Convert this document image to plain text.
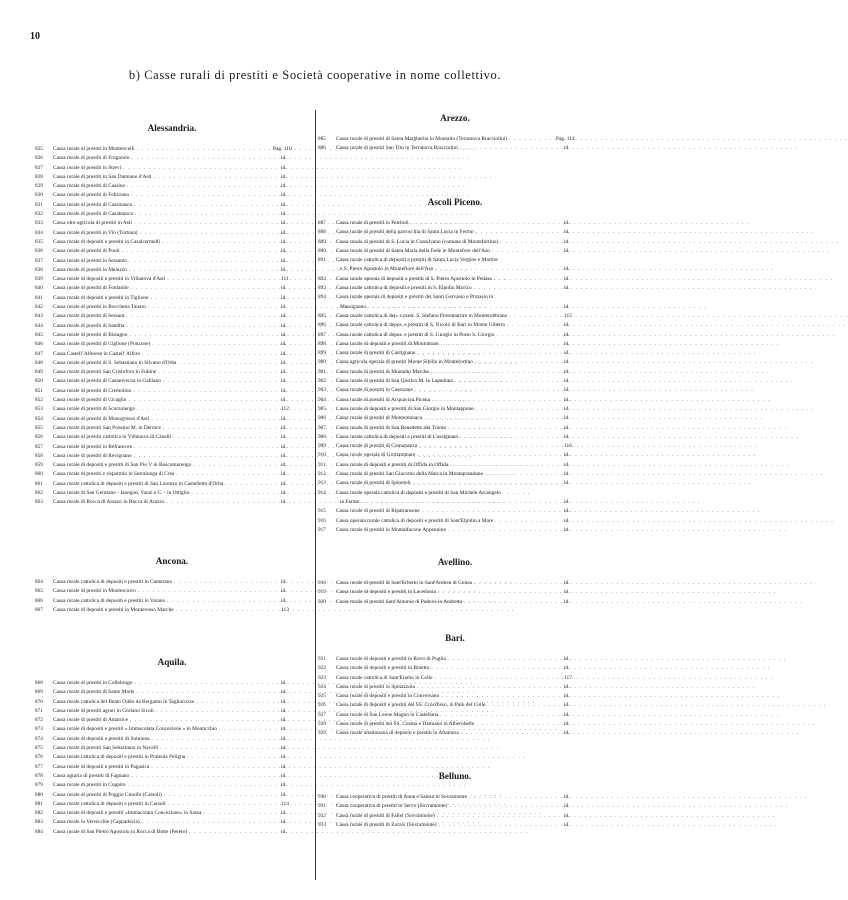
10
b) Casse rurali di prestiti e Società cooperative in nome collettivo.
Alessandria.
825	Cassa rurale di prestiti in Monbercelli . . .	Pag. 110
826	Cassa rurale di prestiti di Frugarolo . . .	id.
827	Cassa rurale di prestiti in Strevi . . .	id.
828	Cassa rurale di prestiti in San Damiano d'Asti . . .	id.
829	Cassa rurale di prestiti di Cassine . . .	id.
830	Cassa rurale di prestiti di Felizzano . . .	id.
831	Cassa rurale di prestiti di Cassinasco . . .	id.
832	Cassa rurale di prestiti di Casabianca . . .	id.
833	Cassa otto-agricola di prestiti in Asti . . .	id.
834	Cassa rurale di prestiti in Viò (Tortona) . . .	id.
835	Cassa rurale di depositi e prestiti in Casalcermelli . . .	id.
836	Cassa rurale di prestiti di Pouti . . .	id.
837	Cassa rurale di prestiti in Sessamo . . .	id.
838	Cassa rurale di prestiti in Melazzo . . .	id.
839	Cassa rurale di depositi e prestiti in Villanova d'Asti . . .	111
840	Cassa rurale di prestiti di Fontanile . . .	id.
841	Cassa rurale di depositi e prestiti in Tiglione . . .	id.
842	Cassa rurale di prestiti in Rocchetta Tanaro . . .	id.
843	Cassa rurale di prestiti di Sessant . . .	id.
844	Cassa rurale di prestiti di Sandita . . .	id.
845	Cassa rurale di prestiti di Bistagno . . .	id.
846	Cassa rurale di prestiti di Ciglione (Ponzone) . . .	id.
847	Cassa Castell' Alferese in Castell' Alfero . . .	id.
848	Cassa rurale di prestiti di S. Sebastiano in Silvano d'Orba . . .	id.
849	Cassa rurale di prestiti San Cristoforo in Fubine . . .	id.
850	Cassa rurale di prestiti di Castanvecna in Galliano . . .	id.
851	Cassa rurale di prestiti di Cremolino . . .	id.
852	Cassa rurale di prestiti di Cicaglio . . .	id.
853	Cassa rurale di prestiti di Scurzolengo . . .	112
854	Cassa rurale di prestiti di Monogrosso d'Asti . . .	id.
855	Cassa rurale di prestiti San Ponsino M. in Dernice . . .	id.
856	Cassa rurale di prestiti cattolica in Villanova di Canelli . . .	id.
857	Cassa rurale di prestiti in Refrancore . . .	id.
858	Cassa rurale di prestiti di Revignano . . .	id.
859	Cassa rurale di depositi e prestiti di San Pio V in Boscomarengo . . .	id.
860	Cassa rurale di prestiti e risparmio in Serralunga di Crea . . .	id.
861	Cassa rurale cattolica di depositi e prestiti di San Lorenzo in Castelletto d'Orba . . .	id.
862	Cassa rurale di San Germano - Ianegno, Vanzi e C. - in Ottiglio . . .	id.
863	Cassa rurale di Rocca di Arazzo in Rocca di Arazzo . . .	id.
Ancona.
864	Cassa rurale cattolica di depositi e prestiti in Camerano . . .	id.
865	Cassa rurale di prestiti in Montescurro . . .	id.
866	Cassa rurale cattolica di depositi e prestiti in Varano . . .	id.
867	Cassa rurale di depositi e prestiti in Monterosso Marche . . .	113
Aquila.
868	Cassa rurale di prestiti in Collebrugo . . .	id.
869	Cassa rurale di prestiti di Sante Marie . . .	id.
870	Cassa rurale cattolica del Beato Oddo da Bergamo in Tagliacozzo . . .	id.
871	Cassa rurale di prestiti agrari in Goriano Sicoli . . .	id.
872	Cassa rurale di prestiti di Amatrice . . .	id.
873	Cassa rurale di depositi e prestiti « Immacolata Concezione » in Monticchio . . .	id.
874	Cassa rurale di depositi e prestiti di Sulmona . . .	id.
875	Cassa rurale di prestiti San Sebastiano in Navelli . . .	id.
876	Cassa rurale cattolica di depositi e prestiti in Prateola Peligna . . .	id.
877	Cassa rurale di depositi e prestiti in Pagasica . . .	id.
878	Cassa agraria di prestiti di Fagnano . . .	id.
879	Cassa rurale di prestiti in Coppito . . .	id.
880	Cassa rurale di prestiti di Poggio Cinolfo (Carsoli) . . .	id.
881	Cassa rurale cattolica di depositi e prestiti in Carsoli . . .	114
882	Cassa rurale di depositi e prestiti «Immacolata Concezione» in Sassa . . .	id.
883	Cassa rurale in Verrecchie (Cappadocia) . . .	id.
884	Cassa rurale di San Pietro Apostolo in Rocca di Botte (Pereto) . . .	id.
Arezzo.
885	Cassa rurale di prestiti di Santa Margherita in Montalto (Terranova Bracciolini) . . .	Pag. 114
886	Cassa rurale di prestiti San Tito in Terranova Bracciolini . . .	id.
Ascoli Piceno.
887	Cassa rurale di prestiti in Petritoli . . .	id.
888	Cassa rurale di prestiti della parrocchia di Santa Lucia in Fermo . . .	id.
889	Cassa rurale di prestiti di S. Lucia in Consilvano (comune di Montefortino) . . .	id.
890	Cassa rurale di prestiti di Santa Maria della Fede in Montefore dell'Aso . . .	id.
891	Cassa rurale cattolica di depositi e prestiti di Santa Lucia Vergine e Martire
e S. Pietro Apostolo in Montefiore dell'Aso . . .	id.
892	Cassa rurale operaia di depositi e prestiti di S. Pietro Apostolo in Pedaso . . .	id.
893	Cassa rurale cattolica di depositi e prestiti in S. Elpidio Morico . . .	id.
894	Cassa rurale operaia di depositi e prestiti dei Santi Gervasio e Protasio in
Massignano . . .	id.
895	Cassa rurale cattolica di dep. e prest. S. Stefano Protomartire in Monterubbiano . . .	115
896	Cassa rurale cattolica di depos. e prestiti di S. Nicolò di Bari in Monte Giberto . . .	id.
897	Cassa rurale cattolica di depos. e prestiti di S. Giorgio in Porto S. Giorgio . . .	id.
898	Cassa rurale di depositi e prestiti di Montottone . . .	id.
899	Cassa rurale di prestiti di Castignano . . .	id.
900	Cassa agricola operaia di prestiti Monte Sibilla in Montefortino . . .	id.
901	Cassa rurale di prestiti di Montalto Marche . . .	id.
902	Cassa rurale di prestiti di San Quirico M. in Lapedona . . .	id.
903	Cassa rurale di prestiti in Castorano . . .	id.
904	Cassa rurale di prestiti di Acquaviva Picena . . .	id.
905	Cassa rurale di depositi e prestiti di San Giorgio in Montappone . . .	id.
906	Cassa rurale di prestiti di Montemonaco . . .	id.
907	Cassa rurale di prestiti di San Benedetto del Tronto . . .	id.
908	Cassa rurale cattolica di depositi e prestiti di Cossignano . . .	id.
909	Cassa rurale di prestiti di Comunanza . . .	116
910	Cassa rurale operaia di Grottammare . . .	id.
911	Cassa rurale di depositi e prestiti di Offida in Offida . . .	id.
912	Cassa rurale di prestiti San Giacomo della Marca in Monteprandone . . .	id.
913	Cassa rurale di prestiti di Spinetoli . . .	id.
914	Cassa rurale operaia cattolica di depositi e prestiti di San Michele Arcangelo
in Fermo . . .	id.
915	Cassa rurale di prestiti di Ripatransone . . .	id.
916	Cassa operaia rurale cattolica di depositi e prestiti di Sant'Elpidio a Mare . . .	id.
917	Cassa rurale di prestiti in Montalfacone Appennino . . .	id.
Avellino.
918	Cassa rurale di prestiti di Sant'Erberto in Sant'Andrea di Conza . . .	id.
919	Cassa rurale di depositi e prestiti in Lacedonia . . .	id.
920	Cassa rurale di prestiti Sant'Antonio di Padova in Andretta . . .	id.
Bari.
921	Cassa rurale di depositi e prestiti in Ruvo di Puglia . . .	id.
922	Cassa rurale di depositi e prestiti in Binetto . . .	id.
923	Cassa rurale cattolica di Sant'Eramo in Colle . . .	117
924	Cassa rurale di prestiti in Spinazzola . . .	id.
925	Cassa rurale di depositi e prestiti in Conversano . . .	id.
926	Cassa rurale di depositi e prestiti del SS. Crocifisso, in Palo del Colle . . .	id.
927	Cassa rurale di San Leone Magno in Castellana . . .	id.
928	Cassa rurale di prestiti dei SS. Cosma e Damiano in Alberobello . . .	id.
929	Cassa rurale altamurana di depositi e prestiti in Altamura . . .	id.
Belluno.
930	Cassa cooperativa di prestiti di Aune e Salesa in Sovramonte . . .	id.
931	Cassa cooperativa di prestiti in Servo (Sovramonte) . . .	id.
932	Cassa rurale di prestiti di Faller (Sovramonte) . . .	id.
933	Cassa rurale di prestiti di Zorzoi (Sovramonte) . . .	id.
